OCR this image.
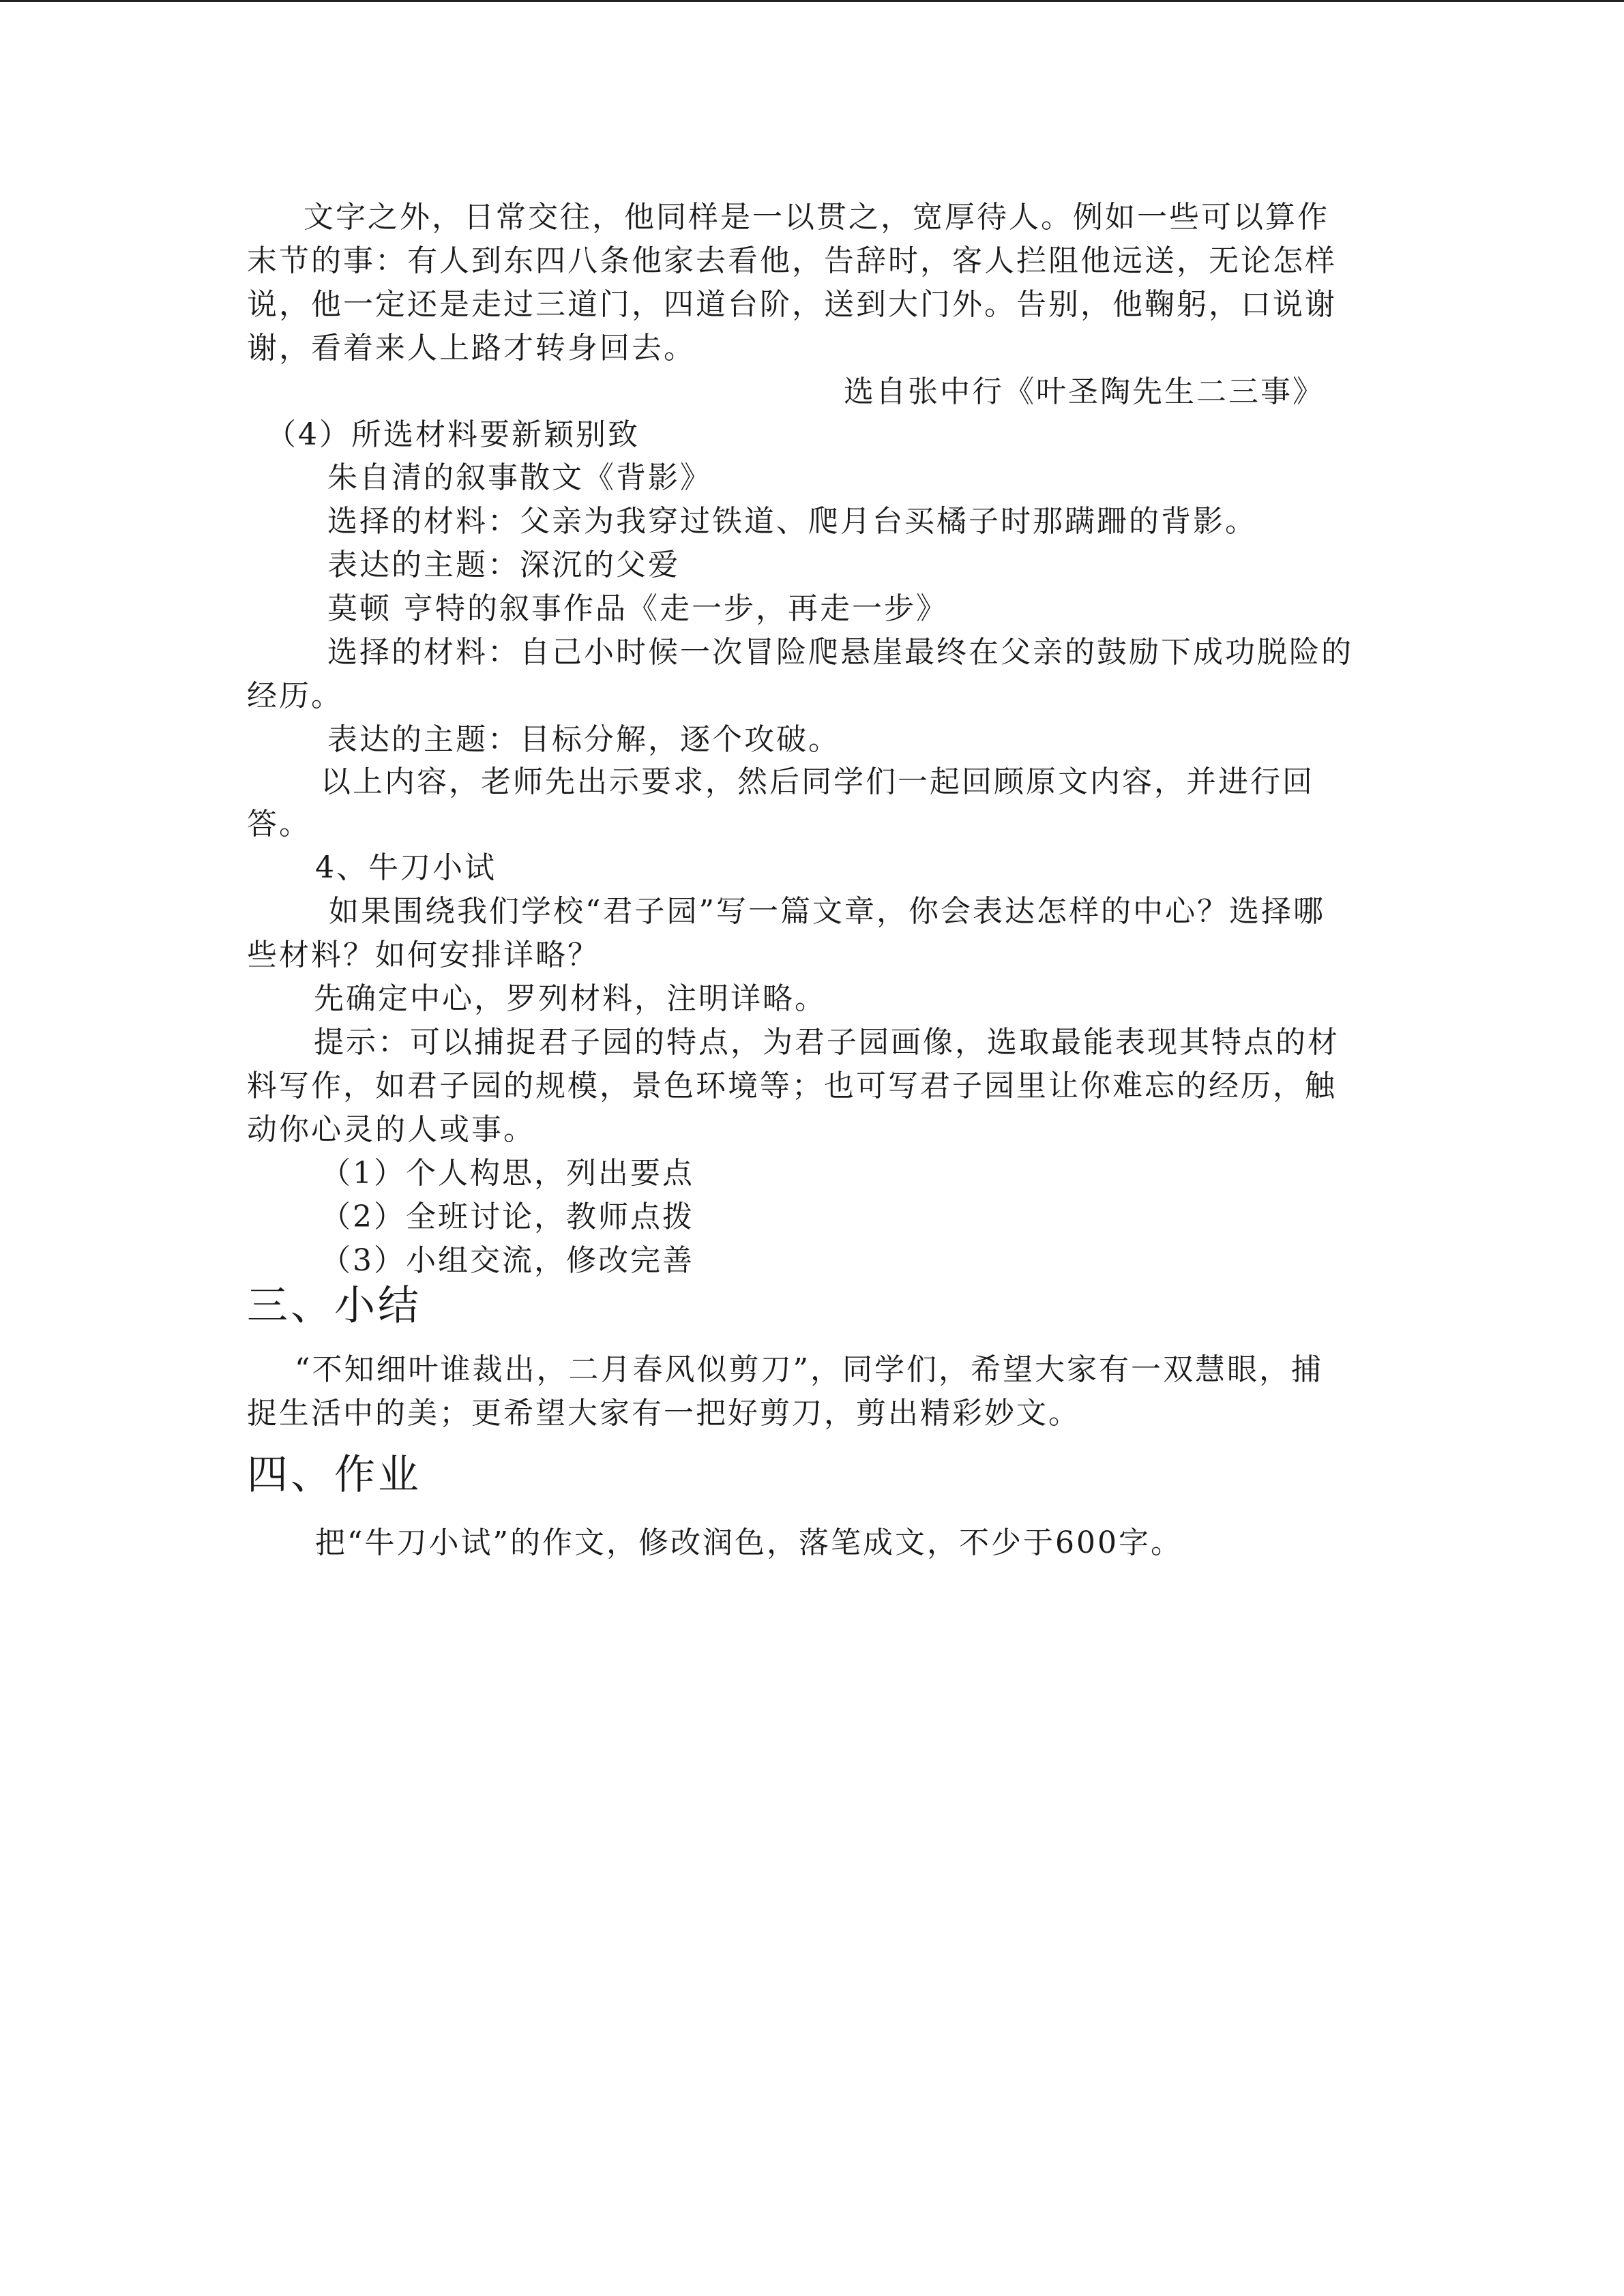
文字之外，日常交往，他同样是一以贯之，宽厚待人。例如一些可以算作
末节的事：有人到东四八条他家去看他，告辞时，客人拦阻他远送，无论怎样
说，他一定还是走过三道门，四道台阶，送到大门外。告别，他鞠躬，口说谢
谢，看着来人上路才转身回去。
选自张中行《叶圣陶先生二三事》
（4）所选材料要新颖别致
朱自清的叙事散文《背影》
选择的材料：父亲为我穿过铁道、爬月台买橘子时那蹒跚的背影。
表达的主题：深沉的父爱
莫顿 亨特的叙事作品《走一步，再走一步》
选择的材料：自己小时候一次冒险爬悬崖最终在父亲的鼓励下成功脱险的
经历。
表达的主题：目标分解，逐个攻破。
以上内容，老师先出示要求，然后同学们一起回顾原文内容，并进行回
答。
4、牛刀小试
如果围绕我们学校“君子园”写一篇文章，你会表达怎样的中心？选择哪
些材料？如何安排详略？
先确定中心，罗列材料，注明详略。
提示：可以捕捉君子园的特点，为君子园画像，选取最能表现其特点的材
料写作，如君子园的规模，景色环境等；也可写君子园里让你难忘的经历，触
动你心灵的人或事。
（1）个人构思，列出要点
（2）全班讨论，教师点拨
（3）小组交流，修改完善
三、小结
“不知细叶谁裁出，二月春风似剪刀”，同学们，希望大家有一双慧眼，捕
捉生活中的美；更希望大家有一把好剪刀，剪出精彩妙文。
四、作业
把“牛刀小试”的作文，修改润色，落笔成文，不少于600字。
